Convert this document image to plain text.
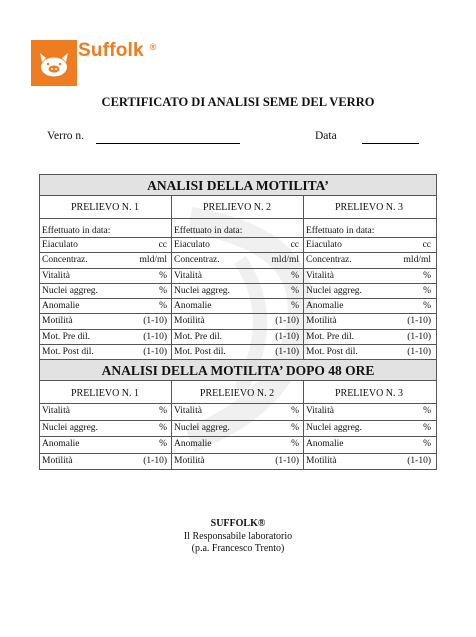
Suffolk ®
CERTIFICATO DI ANALISI SEME DEL VERRO
Verro n.	Data
ANALISI DELLA MOTILITA’
PRELIEVO N. 1	PRELIEVO N. 2	PRELIEVO N. 3
Effettuato in data:	Effettuato in data:	Effettuato in data:
Eiaculato	cc Eiaculato	cc Eiaculato	cc
Concentraz.	mld/ml Concentraz.	mld/ml Concentraz.	mld/ml
Vitalità	% Vitalità	% Vitalità	%
Nuclei aggreg.	% Nuclei aggreg.	% Nuclei aggreg.	%
Anomalie	% Anomalie	% Anomalie	%
Motilità	(1-10) Motilità	(1-10) Motilità	(1-10)
Mot. Pre dil.	(1-10) Mot. Pre dil.	(1-10) Mot. Pre dil.	(1-10)
Mot. Post dil.	(1-10) Mot. Post dil.	(1-10) Mot. Post dil.	(1-10)
ANALISI DELLA MOTILITA’ DOPO 48 ORE
PRELIEVO N. 1	PRELEIEVO N. 2	PRELIEVO N. 3
Vitalità	% Vitalità	% Vitalità	%
Nuclei aggreg.	% Nuclei aggreg.	% Nuclei aggreg.	%
Anomalie	% Anomalie	% Anomalie	%
Motilità	(1-10) Motilità	(1-10) Motilità	(1-10)
SUFFOLK®
Il Responsabile laboratorio
(p.a. Francesco Trento)
